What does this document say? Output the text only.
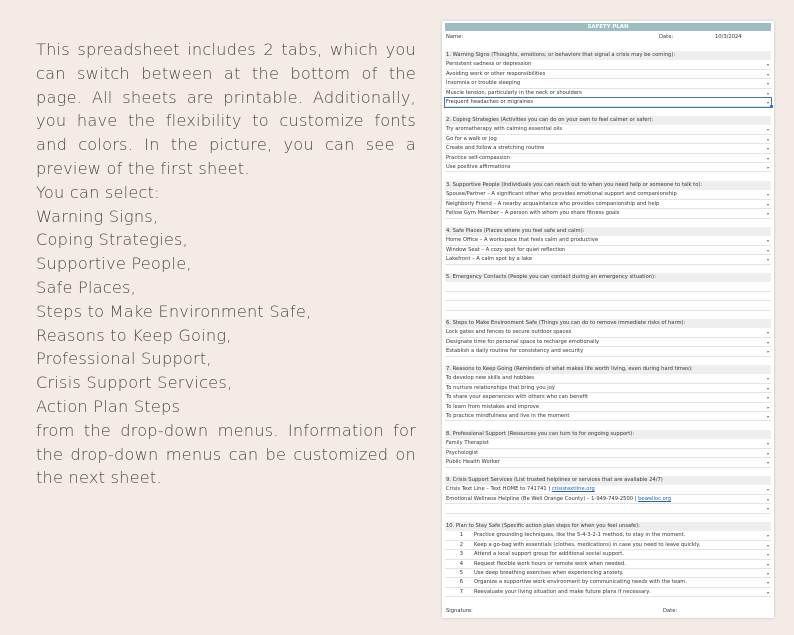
This spreadsheet includes 2 tabs, which you can switch between at the bottom of the page. All sheets are printable. Additionally, you have the flexibility to customize fonts and colors. In the picture, you can see a preview of the first sheet.
You can select:
Warning Signs,
Coping Strategies,
Supportive People,
Safe Places,
Steps to Make Environment Safe,
Reasons to Keep Going,
Professional Support,
Crisis Support Services,
Action Plan Steps
from the drop-down menus. Information for the drop-down menus can be customized on the next sheet.
SAFETY PLAN
Name:	Date:	10/3/2024
1. Warning Signs (Thoughts, emotions, or behaviors that signal a crisis may be coming):
Persistent sadness or depression	▾
Avoiding work or other responsibilities	▾
Insomnia or trouble sleeping	▾
Muscle tension, particularly in the neck or shoulders	▾
Frequent headaches or migraines	▾
2. Coping Strategies (Activities you can do on your own to feel calmer or safer):
Try aromatherapy with calming essential oils	▾
Go for a walk or jog	▾
Create and follow a stretching routine	▾
Practice self-compassion	▾
Use positive affirmations	▾
3. Supportive People (Individuals you can reach out to when you need help or someone to talk to):
Spouse/Partner – A significant other who provides emotional support and companionship	▾
Neighborly Friend – A nearby acquaintance who provides companionship and help	▾
Fellow Gym Member – A person with whom you share fitness goals	▾
4. Safe Places (Places where you feel safe and calm):
Home Office – A workspace that feels calm and productive	▾
Window Seat – A cozy spot for quiet reflection	▾
Lakefront – A calm spot by a lake	▾
5. Emergency Contacts (People you can contact during an emergency situation):
6. Steps to Make Environment Safe (Things you can do to remove immediate risks of harm):
Lock gates and fences to secure outdoor spaces	▾
Designate time for personal space to recharge emotionally	▾
Establish a daily routine for consistency and security	▾
7. Reasons to Keep Going (Reminders of what makes life worth living, even during hard times):
To develop new skills and hobbies	▾
To nurture relationships that bring you joy	▾
To share your experiences with others who can benefit	▾
To learn from mistakes and improve	▾
To practice mindfulness and live in the moment	▾
8. Professional Support (Resources you can turn to for ongoing support):
Family Therapist	▾
Psychologist	▾
Public Health Worker	▾
9. Crisis Support Services (List trusted helplines or services that are available 24/7)
Crisis Text Line – Text HOME to 741741 | crisistextline.org	▾
Emotional Wellness Helpline (Be Well Orange County) – 1-949-749-2500 | bewelloc.org	▾
▾
10. Plan to Stay Safe (Specific action plan steps for when you feel unsafe):
1 Practice grounding techniques, like the 5-4-3-2-1 method, to stay in the moment.	▾
2 Keep a go-bag with essentials (clothes, medications) in case you need to leave quickly.	▾
3 Attend a local support group for additional social support.	▾
4 Request flexible work hours or remote work when needed.	▾
5 Use deep breathing exercises when experiencing anxiety.	▾
6 Organize a supportive work environment by communicating needs with the team.	▾
7 Reevaluate your living situation and make future plans if necessary.	▾
Signature:	Date:
